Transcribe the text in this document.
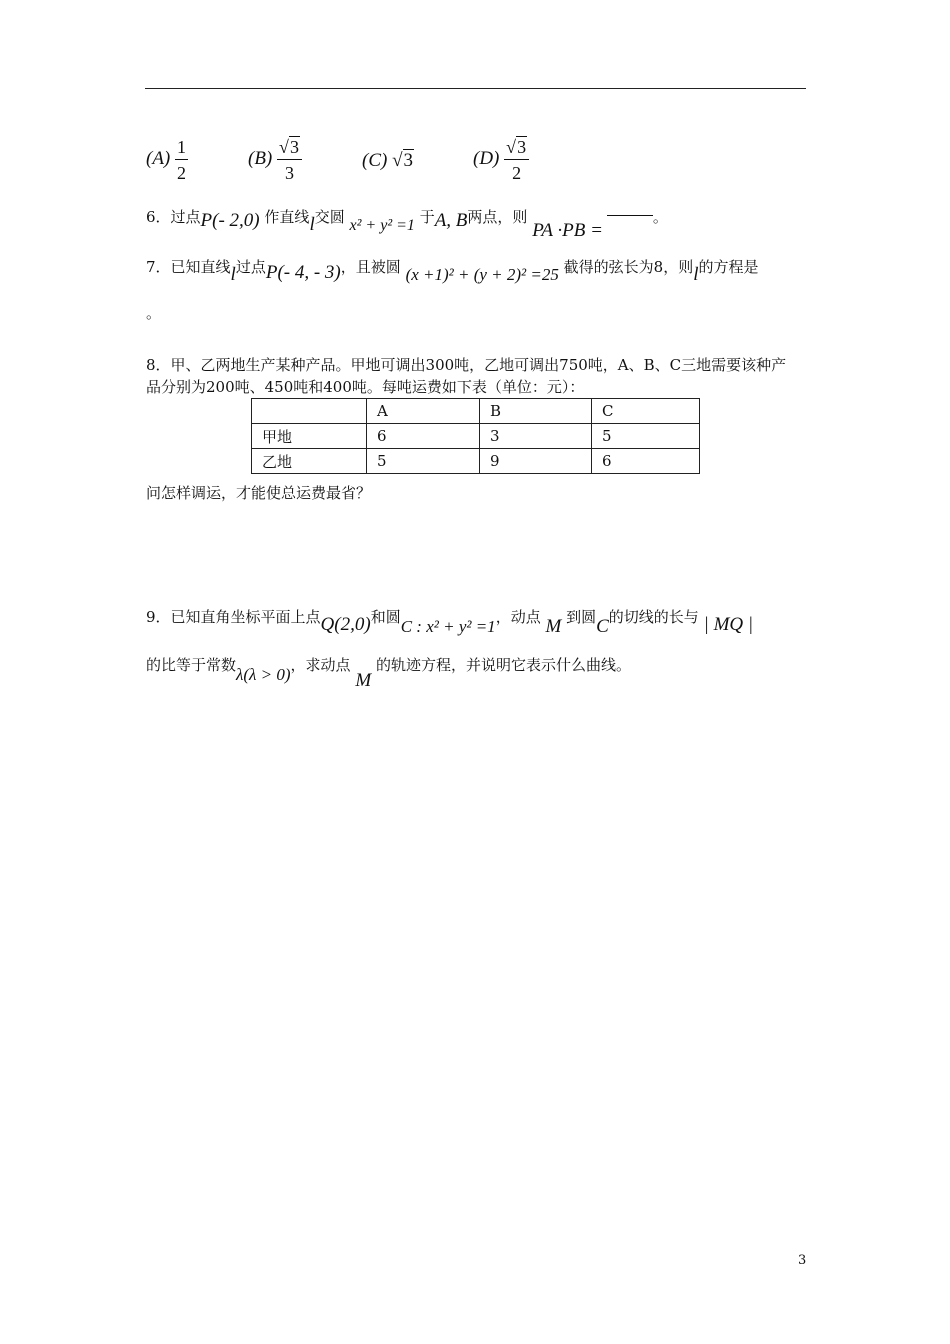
$(A) \frac{1}{2}$	$(B) \frac{√3}{3}$	(C) √3	$(D) \frac{√3}{2}$
6．过点P(- 2,0) 作直线l交圆 x² + y² =1 于A, B两点，则 PA ·PB =。
7．已知直线l过点P(- 4, - 3)，且被圆 (x +1)² + (y + 2)² =25 截得的弦长为8，则l的方程是
。
8．甲、乙两地生产某种产品。甲地可调出300吨，乙地可调出750吨，A、B、C三地需要该种产
品分别为200吨、450吨和400吨。每吨运费如下表（单位：元）：
	A	B	C
甲地	6	3	5
乙地	5	9	6
问怎样调运，才能使总运费最省？
9．已知直角坐标平面上点Q(2,0)和圆C : x² + y² =1，动点 M 到圆C的切线的长与 | MQ |
的比等于常数λ(λ > 0)，求动点 M 的轨迹方程，并说明它表示什么曲线。
3
